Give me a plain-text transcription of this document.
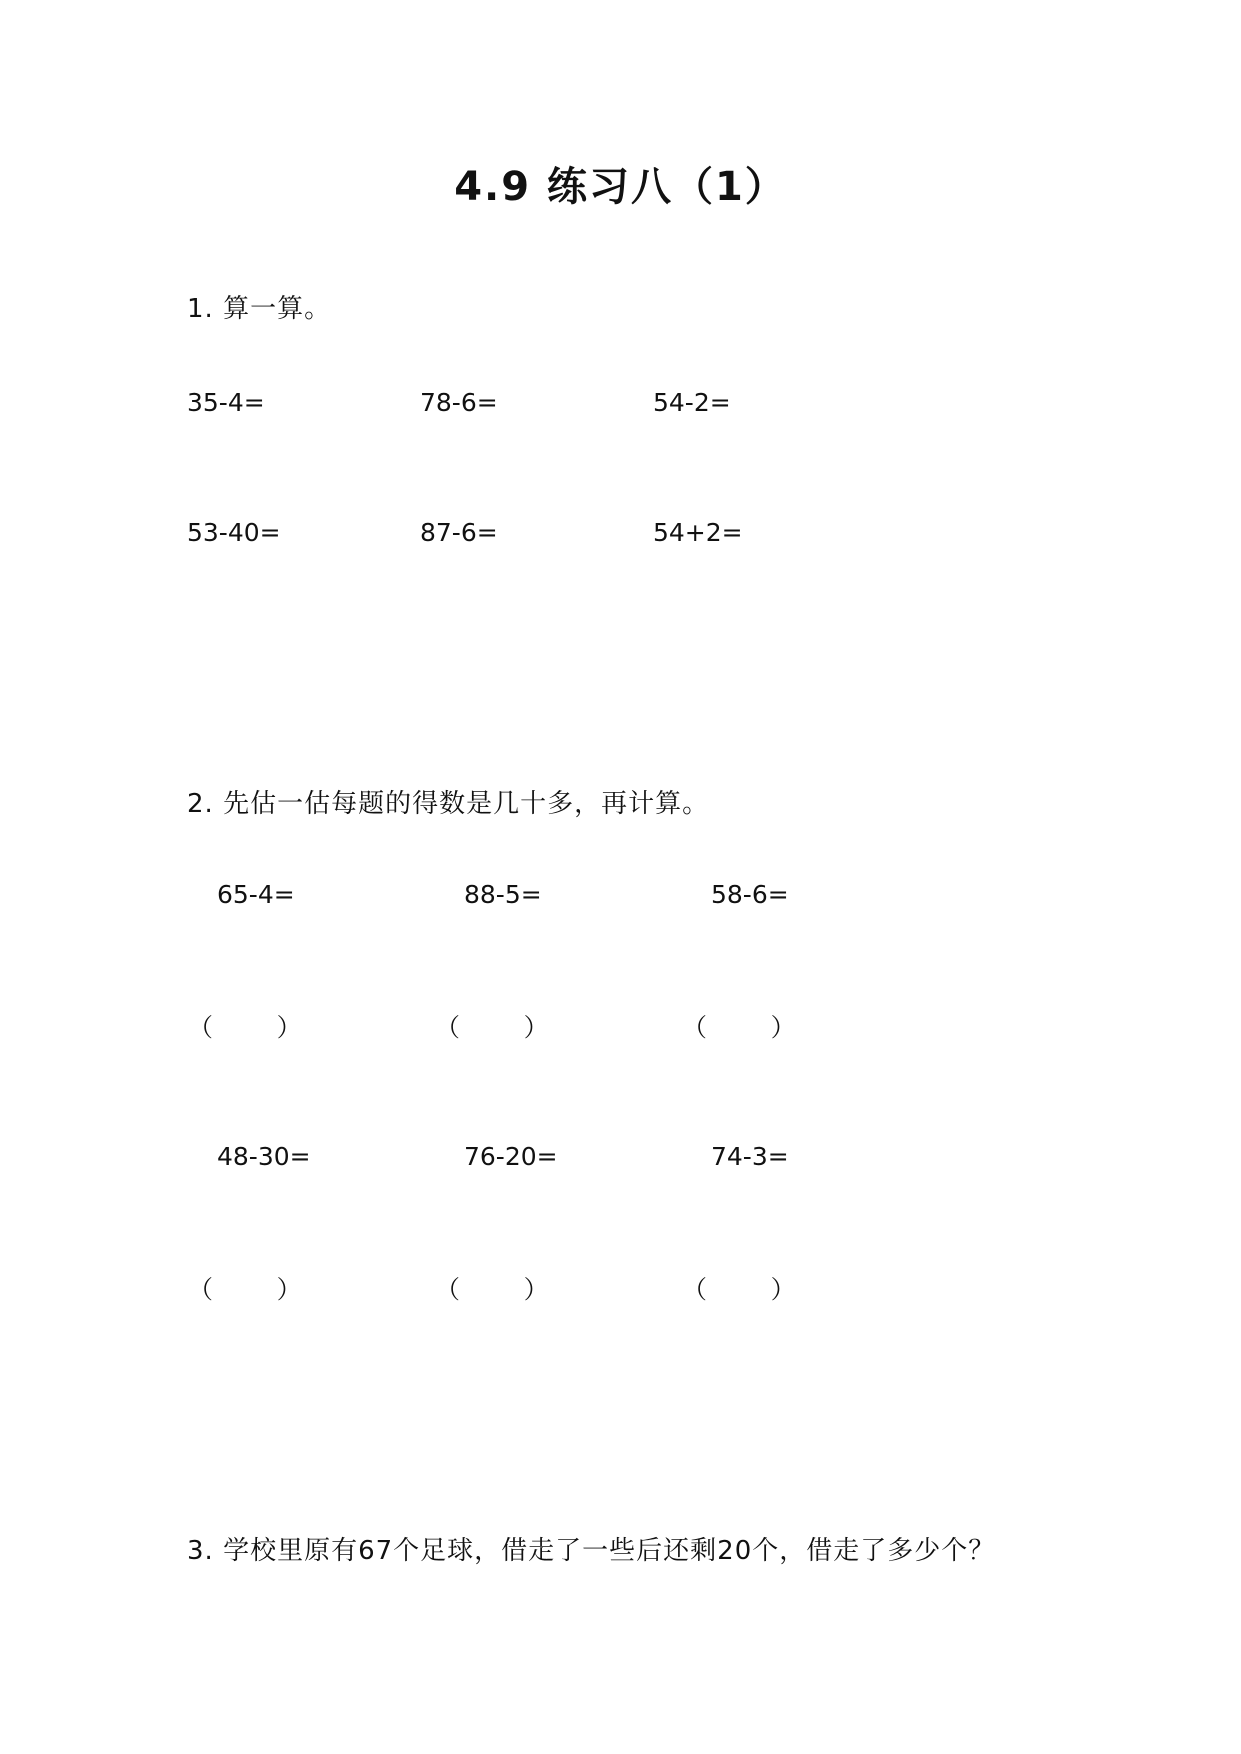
4.9 练习八（1）
1. 算一算。
35-4=	78-6=	54-2=
53-40=	87-6=	54+2=
2. 先估一估每题的得数是几十多，再计算。
65-4=	88-5=	58-6=
（        ）	（        ）	（        ）
48-30=	76-20=	74-3=
（        ）	（        ）	（        ）
3. 学校里原有67个足球，借走了一些后还剩20个，借走了多少个？
